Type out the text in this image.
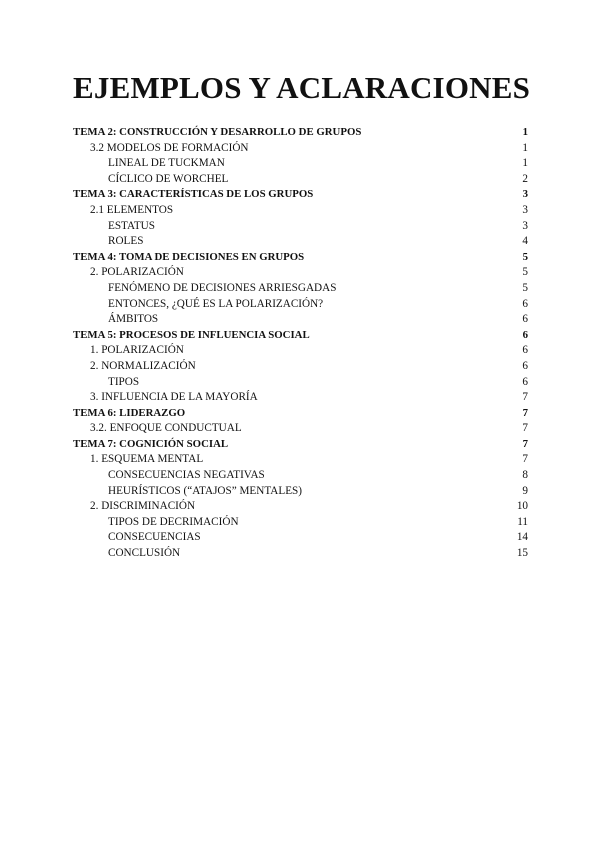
EJEMPLOS Y ACLARACIONES
TEMA 2: CONSTRUCCIÓN Y DESARROLLO DE GRUPOS	1
3.2 MODELOS DE FORMACIÓN	1
LINEAL DE TUCKMAN	1
CÍCLICO DE WORCHEL	2
TEMA 3: CARACTERÍSTICAS DE LOS GRUPOS	3
2.1 ELEMENTOS	3
ESTATUS	3
ROLES	4
TEMA 4: TOMA DE DECISIONES EN GRUPOS	5
2. POLARIZACIÓN	5
FENÓMENO DE DECISIONES ARRIESGADAS	5
ENTONCES, ¿QUÉ ES LA POLARIZACIÓN?	6
ÁMBITOS	6
TEMA 5: PROCESOS DE INFLUENCIA SOCIAL	6
1. POLARIZACIÓN	6
2. NORMALIZACIÓN	6
TIPOS	6
3. INFLUENCIA DE LA MAYORÍA	7
TEMA 6: LIDERAZGO	7
3.2. ENFOQUE CONDUCTUAL	7
TEMA 7: COGNICIÓN SOCIAL	7
1. ESQUEMA MENTAL	7
CONSECUENCIAS NEGATIVAS	8
HEURÍSTICOS (“ATAJOS” MENTALES)	9
2. DISCRIMINACIÓN	10
TIPOS DE DECRIMACIÓN	11
CONSECUENCIAS	14
CONCLUSIÓN	15
